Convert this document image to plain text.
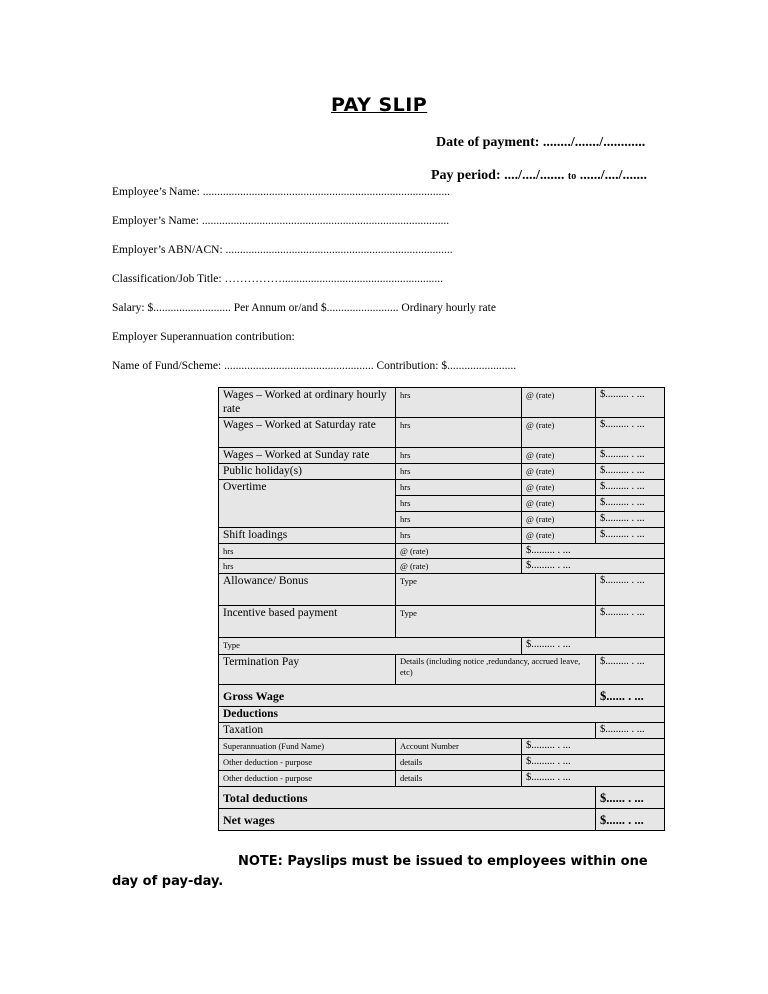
PAY SLIP
Date of payment: ......../......./............
Pay period: ..../..../....... to ....../..../.......
Employee’s Name: ......................................................................................
Employer’s Name: ......................................................................................
Employer’s ABN/ACN: ...............................................................................
Classification/Job Title: ……………........................................................
Salary: $........................... Per Annum or/and $......................... Ordinary hourly rate
Employer Superannuation contribution:
Name of Fund/Scheme: .................................................... Contribution: $........................
Wages – Worked at ordinary hourly rate	hrs	@ (rate)	$......... . ...
Wages – Worked at Saturday rate	hrs	@ (rate)	$......... . ...
Wages – Worked at Sunday rate	hrs	@ (rate)	$......... . ...
Public holiday(s)	hrs	@ (rate)	$......... . ...
Overtime	hrs	@ (rate)	$......... . ...
	hrs	@ (rate)	$......... . ...
	hrs	@ (rate)	$......... . ...
Shift loadings	hrs	@ (rate)	$......... . ...
hrs	@ (rate)	$......... . ...	
hrs	@ (rate)	$......... . ...	
Allowance/ Bonus	Type		$......... . ...
Incentive based payment	Type		$......... . ...
Type		$......... . ...	
Termination Pay	Details (including notice ,redundancy, accrued leave, etc)		$......... . ...
Gross Wage			$...... . ...
Deductions			
Taxation			$......... . ...
Superannuation (Fund Name)	Account Number	$......... . ...	
Other deduction - purpose	details	$......... . ...	
Other deduction - purpose	details	$......... . ...	
Total deductions			$...... . ...
Net wages			$...... . ...
NOTE: Payslips must be issued to employees within one day of pay-day.
